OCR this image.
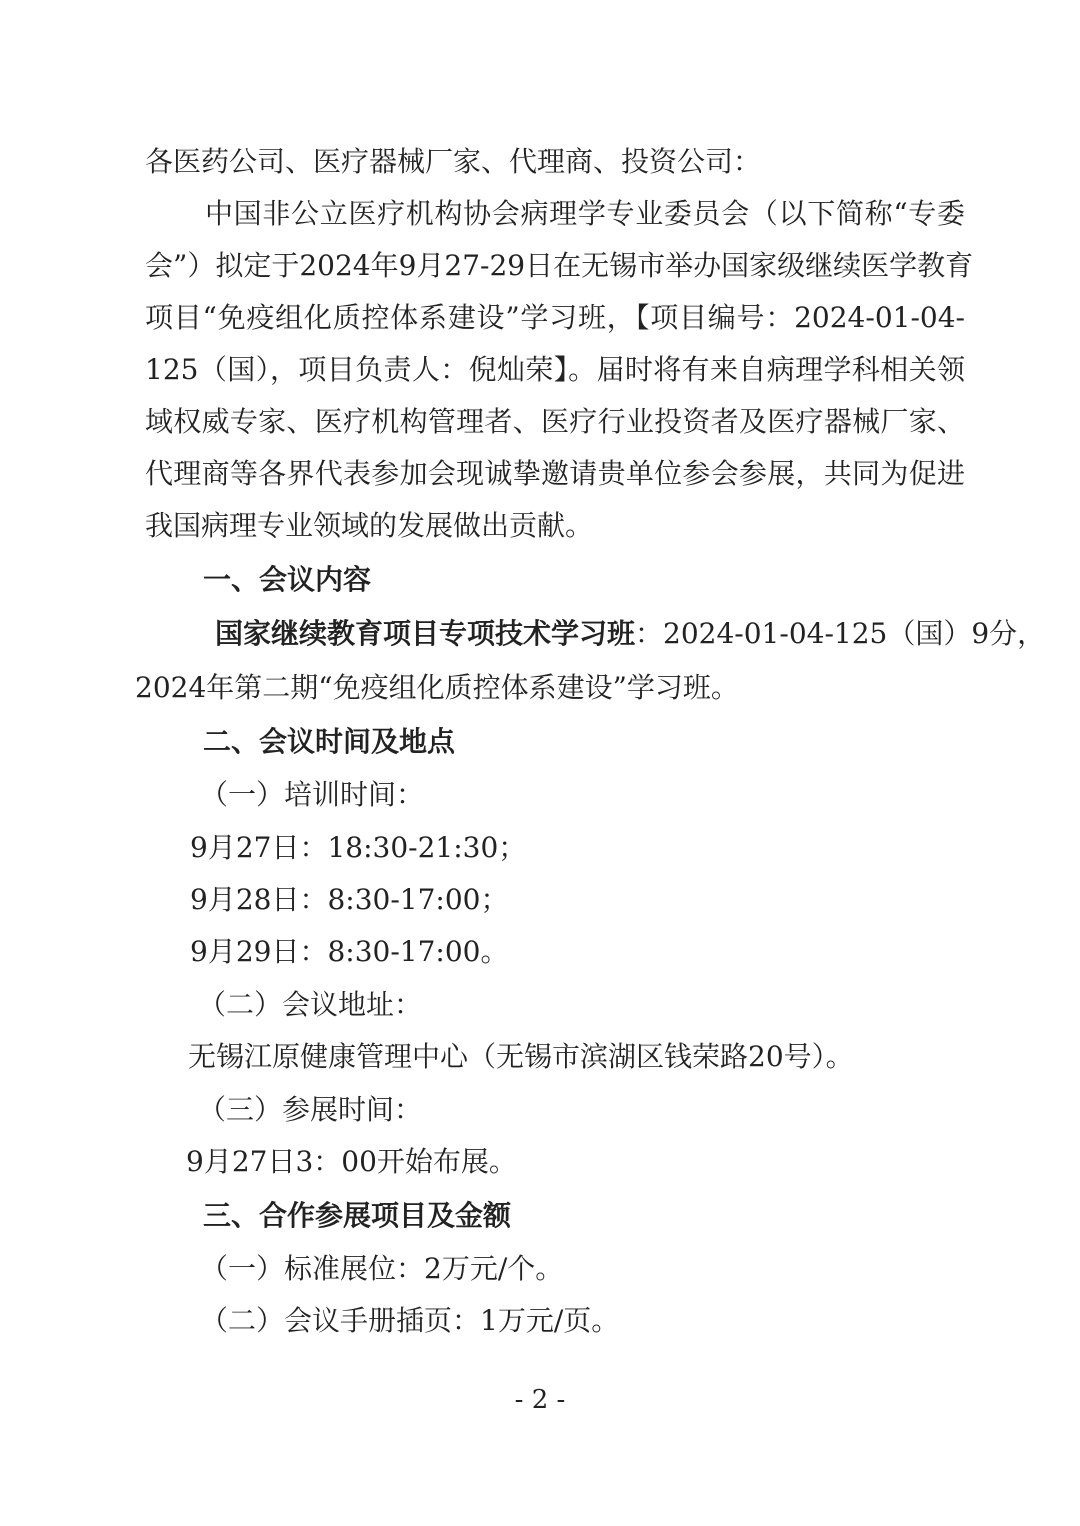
各医药公司、医疗器械厂家、代理商、投资公司：
中国非公立医疗机构协会病理学专业委员会（以下简称“专委
会”）拟定于2024年9月27-29日在无锡市举办国家级继续医学教育
项目“免疫组化质控体系建设”学习班，【项目编号：2024-01-04-
125（国），项目负责人：倪灿荣】。届时将有来自病理学科相关领
域权威专家、医疗机构管理者、医疗行业投资者及医疗器械厂家、
代理商等各界代表参加会现诚挚邀请贵单位参会参展，共同为促进
我国病理专业领域的发展做出贡献。
一、会议内容
国家继续教育项目专项技术学习班：2024-01-04-125（国）9分，
2024年第二期“免疫组化质控体系建设”学习班。
二、会议时间及地点
（一）培训时间：
9月27日：18:30-21:30；
9月28日：8:30-17:00；
9月29日：8:30-17:00。
（二）会议地址：
无锡江原健康管理中心（无锡市滨湖区钱荣路20号）。
（三）参展时间：
9月27日3：00开始布展。
三、合作参展项目及金额
（一）标准展位：2万元/个。
（二）会议手册插页：1万元/页。
- 2 -
